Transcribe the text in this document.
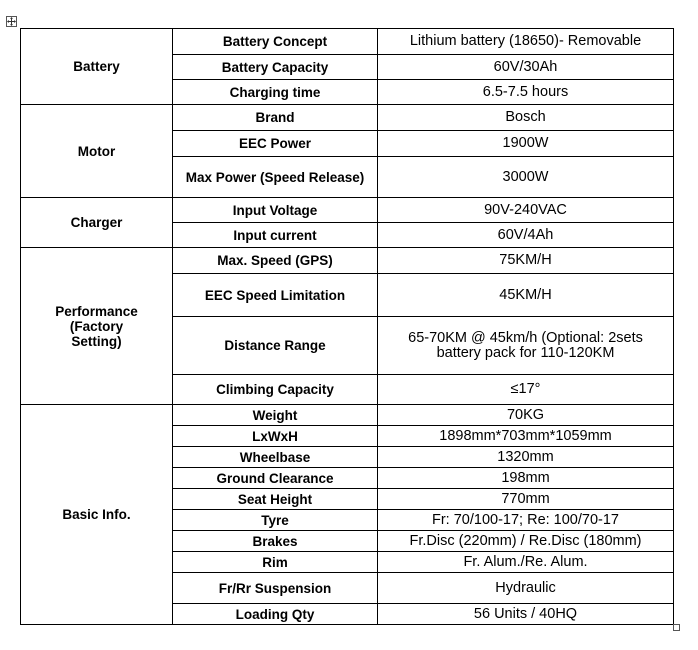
Battery	Battery Concept	Lithium battery (18650)- Removable
	Battery Capacity	60V/30Ah
	Charging time	6.5-7.5 hours
Motor	Brand	Bosch
	EEC Power	1900W
	Max Power (Speed Release)	3000W
Charger	Input Voltage	90V-240VAC
	Input current	60V/4Ah
Performance (Factory Setting)	Max. Speed (GPS)	75KM/H
	EEC Speed Limitation	45KM/H
	Distance Range	65-70KM @ 45km/h (Optional: 2sets battery pack for 110-120KM
	Climbing Capacity	≤17°
Basic Info.	Weight	70KG
	LxWxH	1898mm*703mm*1059mm
	Wheelbase	1320mm
	Ground Clearance	198mm
	Seat Height	770mm
	Tyre	Fr: 70/100-17; Re: 100/70-17
	Brakes	Fr.Disc (220mm) / Re.Disc (180mm)
	Rim	Fr. Alum./Re. Alum.
	Fr/Rr Suspension	Hydraulic
	Loading Qty	56 Units / 40HQ
